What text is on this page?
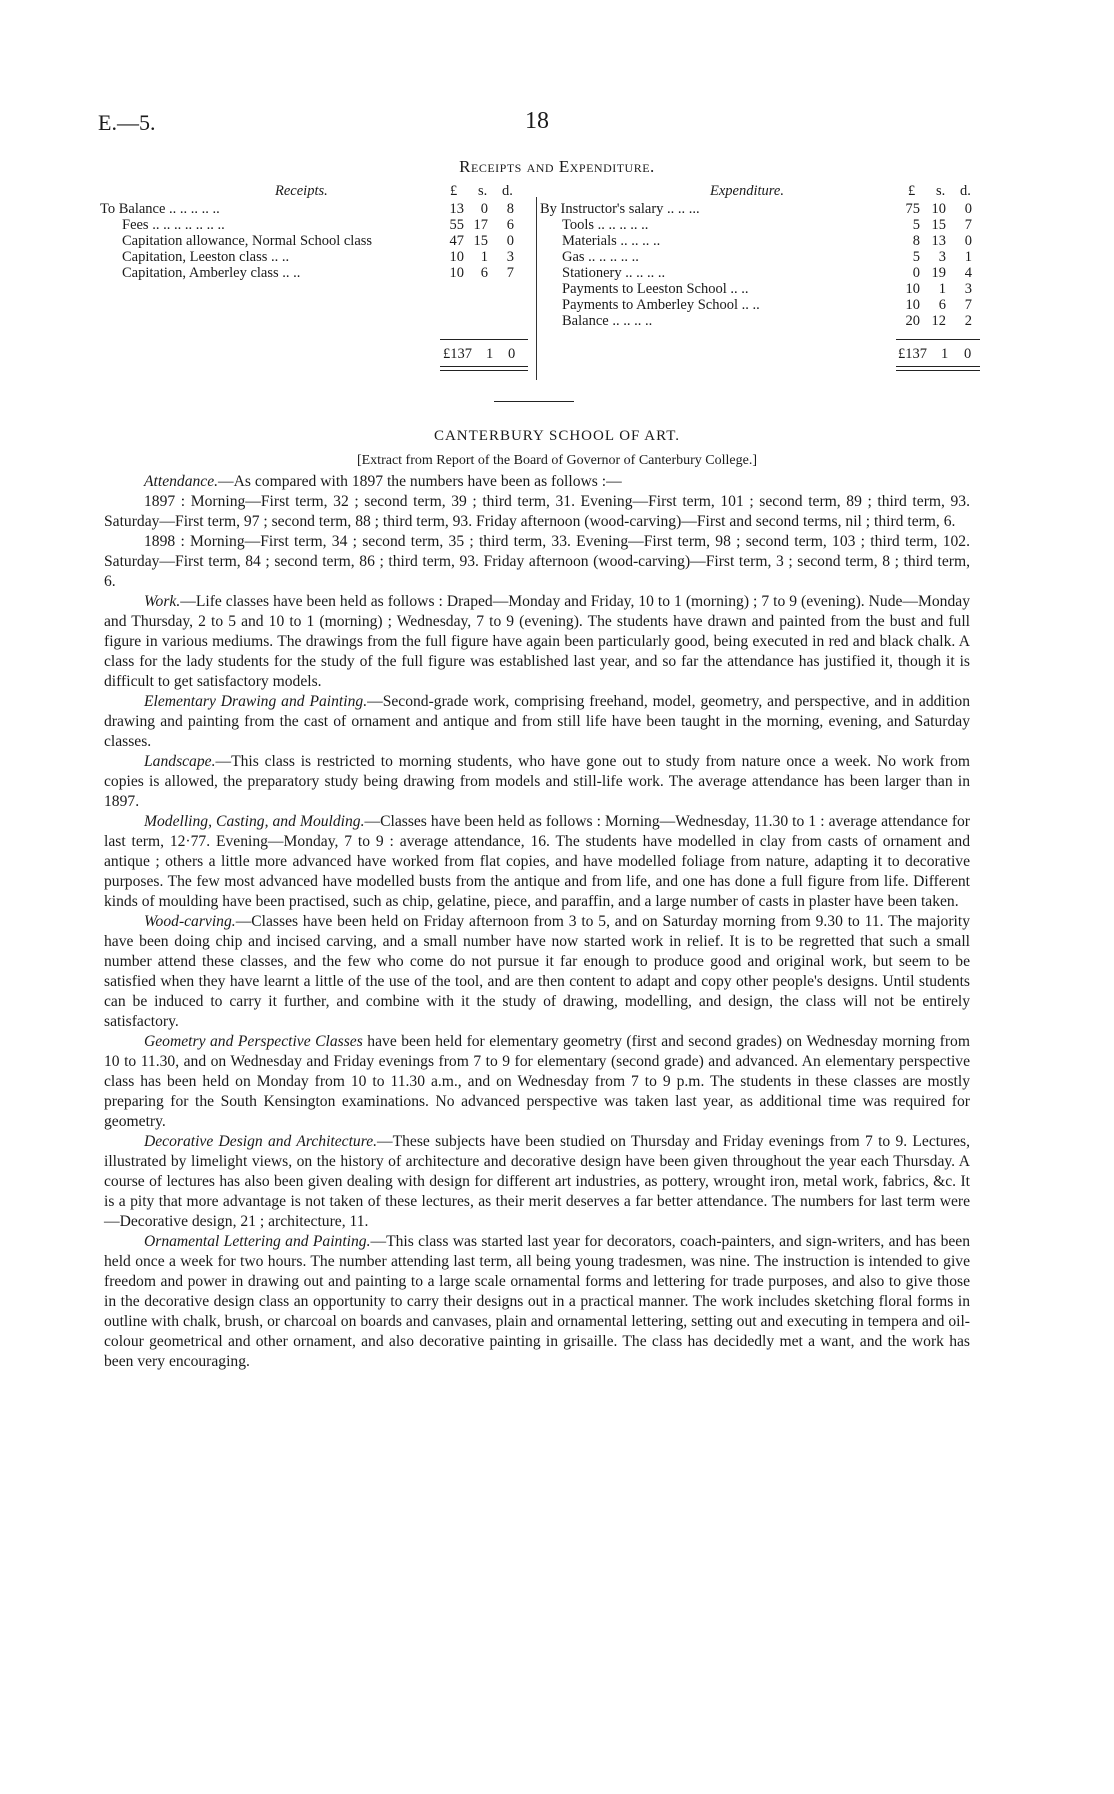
E.—5.	18
Receipts and Expenditure.
Receipts.	£ s. d.
To Balance .. .. .. .. ..	13	0	8
Fees .. .. .. .. .. .. ..	55 17	6
Capitation allowance, Normal School class	47 15	0
Capitation, Leeston class .. ..	10	1	3
Capitation, Amberley class .. ..	10	6	7
£137 1 0
Expenditure.	£ s. d.
By Instructor's salary .. .. ...	75 10	0
Tools .. .. .. .. ..	5 15	7
Materials .. .. .. ..	8 13	0
Gas .. .. .. .. ..	5	3	1
Stationery .. .. .. ..	0 19	4
Payments to Leeston School .. ..	10	1	3
Payments to Amberley School .. ..	10	6	7
Balance .. .. .. ..	20 12	2
£137 1 0
CANTERBURY SCHOOL OF ART.
[Extract from Report of the Board of Governor of Canterbury College.]

Attendance.—As compared with 1897 the numbers have been as follows :—

1897 : Morning—First term, 32 ; second term, 39 ; third term, 31. Evening—First term, 101 ; second term, 89 ; third term, 93. Saturday—First term, 97 ; second term, 88 ; third term, 93. Friday afternoon (wood-carving)—First and second terms, nil ; third term, 6.

1898 : Morning—First term, 34 ; second term, 35 ; third term, 33. Evening—First term, 98 ; second term, 103 ; third term, 102. Saturday—First term, 84 ; second term, 86 ; third term, 93. Friday afternoon (wood-carving)—First term, 3 ; second term, 8 ; third term, 6.

Work.—Life classes have been held as follows : Draped—Monday and Friday, 10 to 1 (morning) ; 7 to 9 (evening). Nude—Monday and Thursday, 2 to 5 and 10 to 1 (morning) ; Wednesday, 7 to 9 (evening). The students have drawn and painted from the bust and full figure in various mediums. The drawings from the full figure have again been particularly good, being executed in red and black chalk. A class for the lady students for the study of the full figure was established last year, and so far the attendance has justified it, though it is difficult to get satisfactory models.

Elementary Drawing and Painting.—Second-grade work, comprising freehand, model, geometry, and perspective, and in addition drawing and painting from the cast of ornament and antique and from still life have been taught in the morning, evening, and Saturday classes.

Landscape.—This class is restricted to morning students, who have gone out to study from nature once a week. No work from copies is allowed, the preparatory study being drawing from models and still-life work. The average attendance has been larger than in 1897.

Modelling, Casting, and Moulding.—Classes have been held as follows : Morning—Wednesday, 11.30 to 1 : average attendance for last term, 12·77. Evening—Monday, 7 to 9 : average attendance, 16. The students have modelled in clay from casts of ornament and antique ; others a little more advanced have worked from flat copies, and have modelled foliage from nature, adapting it to decorative purposes. The few most advanced have modelled busts from the antique and from life, and one has done a full figure from life. Different kinds of moulding have been practised, such as chip, gelatine, piece, and paraffin, and a large number of casts in plaster have been taken.

Wood-carving.—Classes have been held on Friday afternoon from 3 to 5, and on Saturday morning from 9.30 to 11. The majority have been doing chip and incised carving, and a small number have now started work in relief. It is to be regretted that such a small number attend these classes, and the few who come do not pursue it far enough to produce good and original work, but seem to be satisfied when they have learnt a little of the use of the tool, and are then content to adapt and copy other people's designs. Until students can be induced to carry it further, and combine with it the study of drawing, modelling, and design, the class will not be entirely satisfactory.

Geometry and Perspective Classes have been held for elementary geometry (first and second grades) on Wednesday morning from 10 to 11.30, and on Wednesday and Friday evenings from 7 to 9 for elementary (second grade) and advanced. An elementary perspective class has been held on Monday from 10 to 11.30 a.m., and on Wednesday from 7 to 9 p.m. The students in these classes are mostly preparing for the South Kensington examinations. No advanced perspective was taken last year, as additional time was required for geometry.

Decorative Design and Architecture.—These subjects have been studied on Thursday and Friday evenings from 7 to 9. Lectures, illustrated by limelight views, on the history of architecture and decorative design have been given throughout the year each Thursday. A course of lectures has also been given dealing with design for different art industries, as pottery, wrought iron, metal work, fabrics, &c. It is a pity that more advantage is not taken of these lectures, as their merit deserves a far better attendance. The numbers for last term were—Decorative design, 21 ; architecture, 11.

Ornamental Lettering and Painting.—This class was started last year for decorators, coach-painters, and sign-writers, and has been held once a week for two hours. The number attending last term, all being young tradesmen, was nine. The instruction is intended to give freedom and power in drawing out and painting to a large scale ornamental forms and lettering for trade purposes, and also to give those in the decorative design class an opportunity to carry their designs out in a practical manner. The work includes sketching floral forms in outline with chalk, brush, or charcoal on boards and canvases, plain and ornamental lettering, setting out and executing in tempera and oil-colour geometrical and other ornament, and also decorative painting in grisaille. The class has decidedly met a want, and the work has been very encouraging.
